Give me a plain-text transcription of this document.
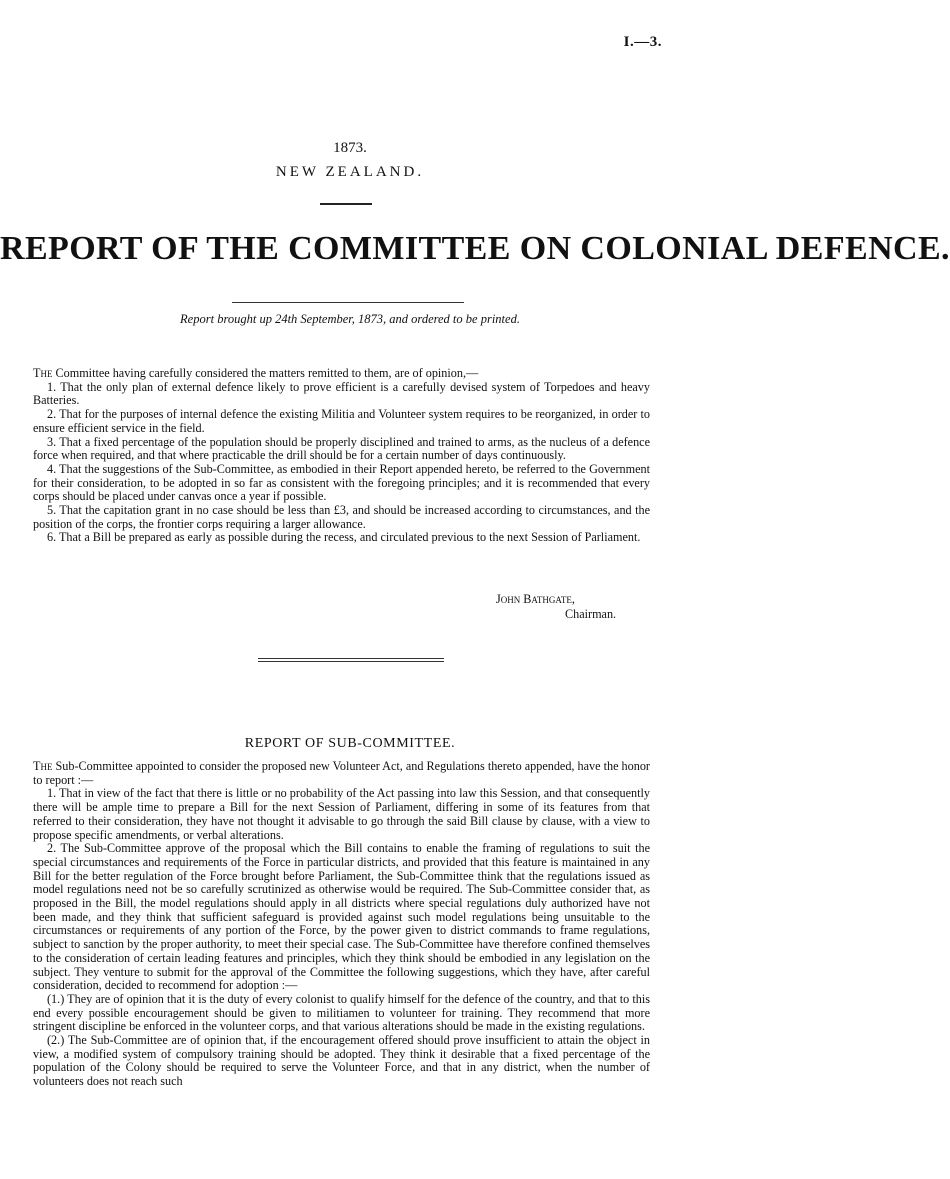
I.—3.
1873.
NEW ZEALAND.
REPORT OF THE COMMITTEE ON COLONIAL DEFENCE.
Report brought up 24th September, 1873, and ordered to be printed.

The Committee having carefully considered the matters remitted to them, are of opinion,—

1. That the only plan of external defence likely to prove efficient is a carefully devised system of Torpedoes and heavy Batteries.

2. That for the purposes of internal defence the existing Militia and Volunteer system requires to be reorganized, in order to ensure efficient service in the field.

3. That a fixed percentage of the population should be properly disciplined and trained to arms, as the nucleus of a defence force when required, and that where practicable the drill should be for a certain number of days continuously.

4. That the suggestions of the Sub-Committee, as embodied in their Report appended hereto, be referred to the Government for their consideration, to be adopted in so far as consistent with the foregoing principles; and it is recommended that every corps should be placed under canvas once a year if possible.

5. That the capitation grant in no case should be less than £3, and should be increased according to circumstances, and the position of the corps, the frontier corps requiring a larger allowance.

6. That a Bill be prepared as early as possible during the recess, and circulated previous to the next Session of Parliament.

John Bathgate,
Chairman.
REPORT OF SUB-COMMITTEE.

The Sub-Committee appointed to consider the proposed new Volunteer Act, and Regulations thereto appended, have the honor to report :—

1. That in view of the fact that there is little or no probability of the Act passing into law this Session, and that consequently there will be ample time to prepare a Bill for the next Session of Parliament, differing in some of its features from that referred to their consideration, they have not thought it advisable to go through the said Bill clause by clause, with a view to propose specific amendments, or verbal alterations.

2. The Sub-Committee approve of the proposal which the Bill contains to enable the framing of regulations to suit the special circumstances and requirements of the Force in particular districts, and provided that this feature is maintained in any Bill for the better regulation of the Force brought before Parliament, the Sub-Committee think that the regulations issued as model regulations need not be so carefully scrutinized as otherwise would be required. The Sub-Committee consider that, as proposed in the Bill, the model regulations should apply in all districts where special regulations duly authorized have not been made, and they think that sufficient safeguard is provided against such model regulations being unsuitable to the circumstances or requirements of any portion of the Force, by the power given to district commands to frame regulations, subject to sanction by the proper authority, to meet their special case. The Sub-Committee have therefore confined themselves to the consideration of certain leading features and principles, which they think should be embodied in any legislation on the subject. They venture to submit for the approval of the Committee the following suggestions, which they have, after careful consideration, decided to recommend for adoption :—

(1.) They are of opinion that it is the duty of every colonist to qualify himself for the defence of the country, and that to this end every possible encouragement should be given to militiamen to volunteer for training. They recommend that more stringent discipline be enforced in the volunteer corps, and that various alterations should be made in the existing regulations.

(2.) The Sub-Committee are of opinion that, if the encouragement offered should prove insufficient to attain the object in view, a modified system of compulsory training should be adopted. They think it desirable that a fixed percentage of the population of the Colony should be required to serve the Volunteer Force, and that in any district, when the number of volunteers does not reach such
